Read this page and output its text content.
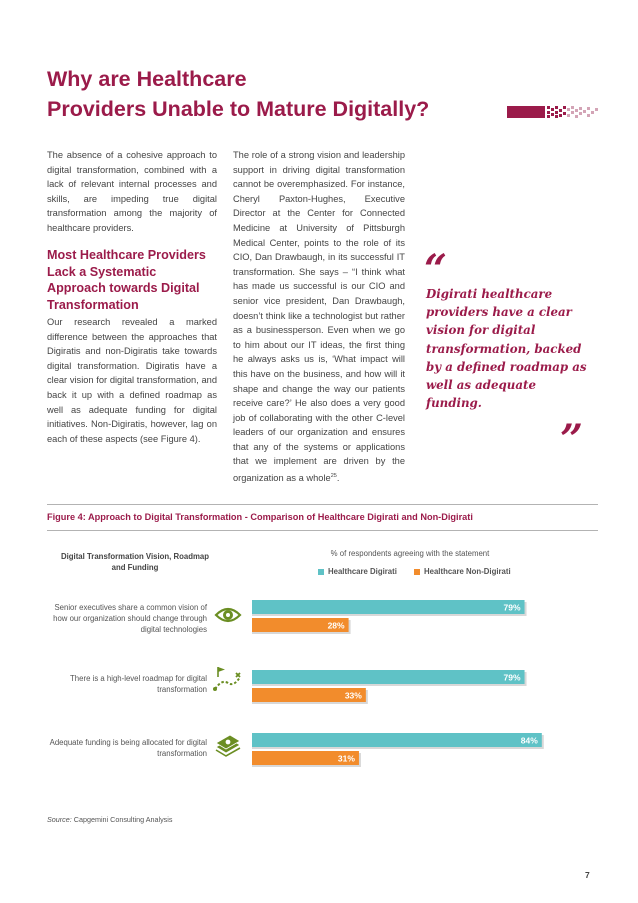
Why are Healthcare
Providers Unable to Mature Digitally?
The absence of a cohesive approach to digital transformation, combined with a lack of relevant internal processes and skills, are impeding true digital transformation among the majority of healthcare providers.
Most Healthcare Providers Lack a Systematic Approach towards Digital Transformation
Our research revealed a marked difference between the approaches that Digiratis and non-Digiratis take towards digital transformation. Digiratis have a clear vision for digital transformation, and back it up with a defined roadmap as well as adequate funding for digital initiatives. Non-Digiratis, however, lag on each of these aspects (see Figure 4).
The role of a strong vision and leadership support in driving digital transformation cannot be overemphasized. For instance, Cheryl Paxton-Hughes, Executive Director at the Center for Connected Medicine at University of Pittsburgh Medical Center, points to the role of its CIO, Dan Drawbaugh, in its successful IT transformation. She says – “I think what has made us successful is our CIO and senior vice president, Dan Drawbaugh, doesn’t think like a technologist but rather as a businessperson. Even when we go to him about our IT ideas, the first thing he always asks us is, ‘What impact will this have on the business, and how will it shape and change the way our patients receive care?’ He also does a very good job of collaborating with the other C-level leaders of our organization and ensures that any of the systems or applications that we implement are driven by the organization as a whole$^{25}$.
“
Digirati healthcare providers have a clear vision for digital transformation, backed by a defined roadmap as well as adequate funding.
”
Figure 4: Approach to Digital Transformation - Comparison of Healthcare Digirati and Non-Digirati
Digital Transformation Vision, Roadmap and Funding
% of respondents agreeing with the statement
Healthcare Digirati	Healthcare Non-Digirati
Senior executives share a common vision of how our organization should change through digital technologies
There is a high-level roadmap for digital transformation
Adequate funding is being allocated for digital transformation
79%
28%
79%
33%
84%
31%
Source: Capgemini Consulting Analysis
7
